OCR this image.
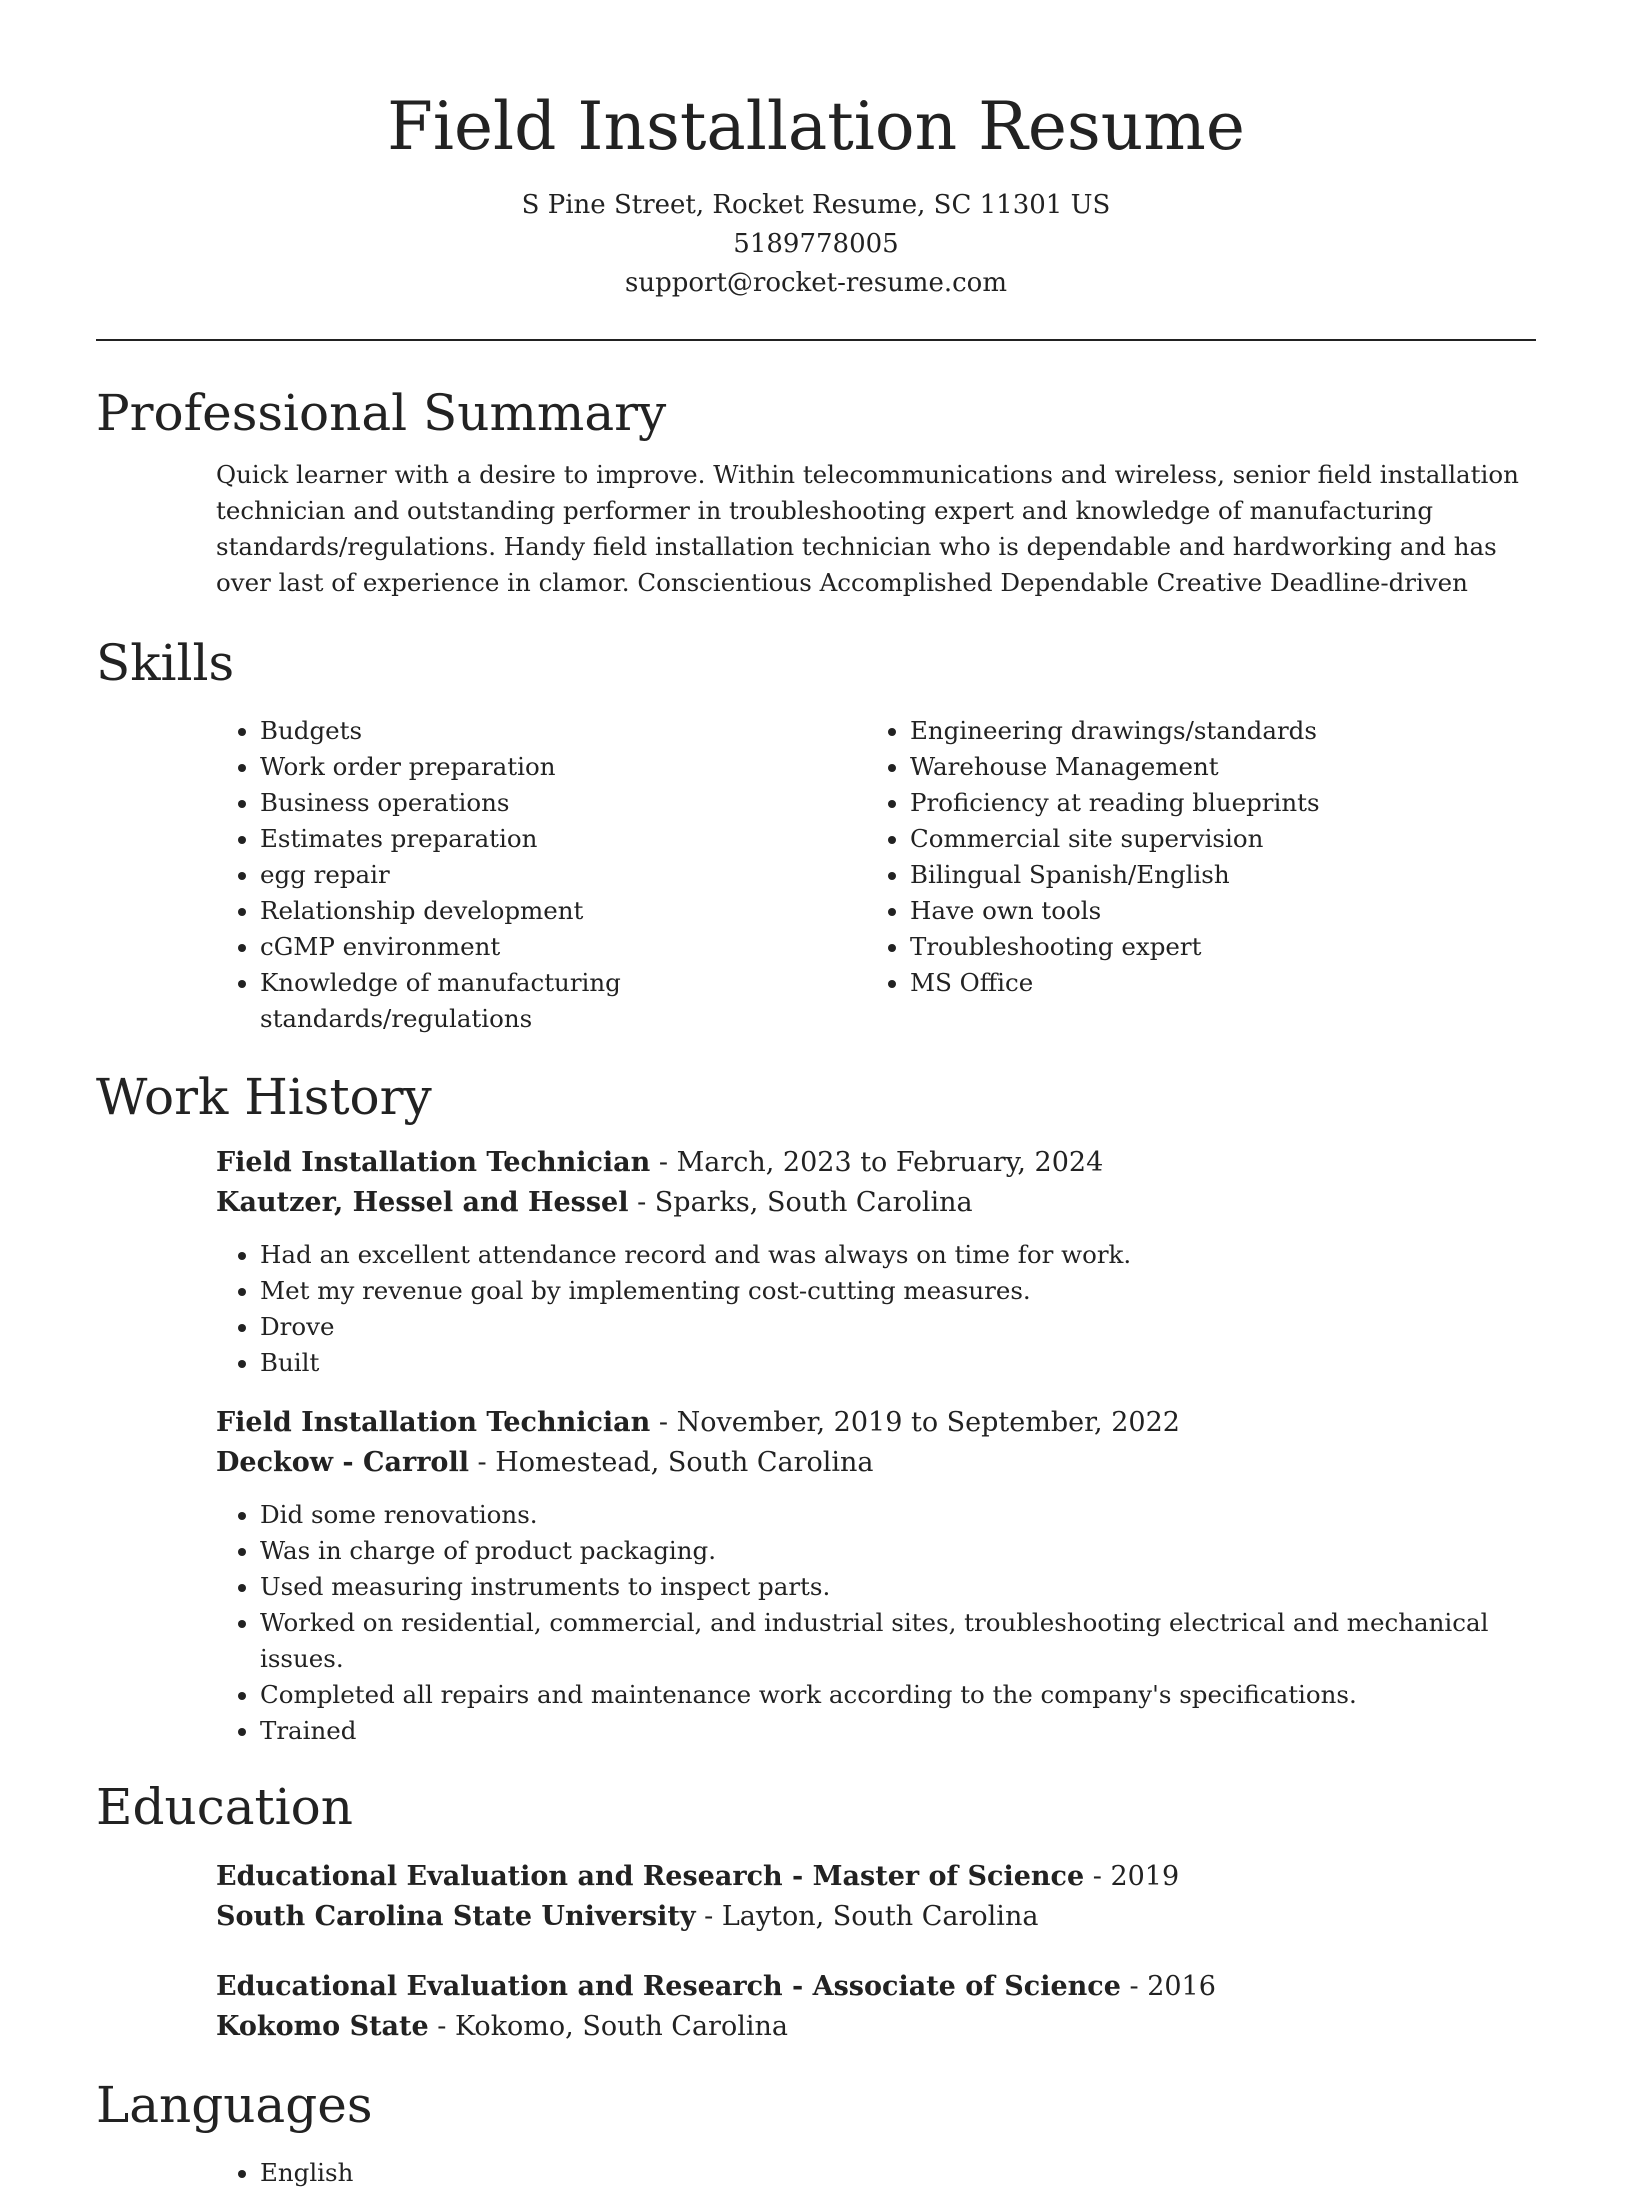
Field Installation Resume
S Pine Street, Rocket Resume, SC 11301 US
5189778005
support@rocket-resume.com
Professional Summary

Quick learner with a desire to improve. Within telecommunications and wireless, senior field installation technician and outstanding performer in troubleshooting expert and knowledge of manufacturing standards/regulations. Handy field installation technician who is dependable and hardworking and has over last of experience in clamor. Conscientious Accomplished Dependable Creative Deadline-driven

Skills
• Budgets
• Work order preparation
• Business operations
• Estimates preparation
• egg repair
• Relationship development
• cGMP environment
• Knowledge of manufacturing standards/regulations
• Engineering drawings/standards
• Warehouse Management
• Proficiency at reading blueprints
• Commercial site supervision
• Bilingual Spanish/English
• Have own tools
• Troubleshooting expert
• MS Office
Work History
Field Installation Technician - March, 2023 to February, 2024
Kautzer, Hessel and Hessel - Sparks, South Carolina
• Had an excellent attendance record and was always on time for work.
• Met my revenue goal by implementing cost-cutting measures.
• Drove
• Built
Field Installation Technician - November, 2019 to September, 2022
Deckow - Carroll - Homestead, South Carolina
• Did some renovations.
• Was in charge of product packaging.
• Used measuring instruments to inspect parts.
• Worked on residential, commercial, and industrial sites, troubleshooting electrical and mechanical issues.
• Completed all repairs and maintenance work according to the company's specifications.
• Trained
Education
Educational Evaluation and Research - Master of Science - 2019
South Carolina State University - Layton, South Carolina
Educational Evaluation and Research - Associate of Science - 2016
Kokomo State - Kokomo, South Carolina
Languages
• English
